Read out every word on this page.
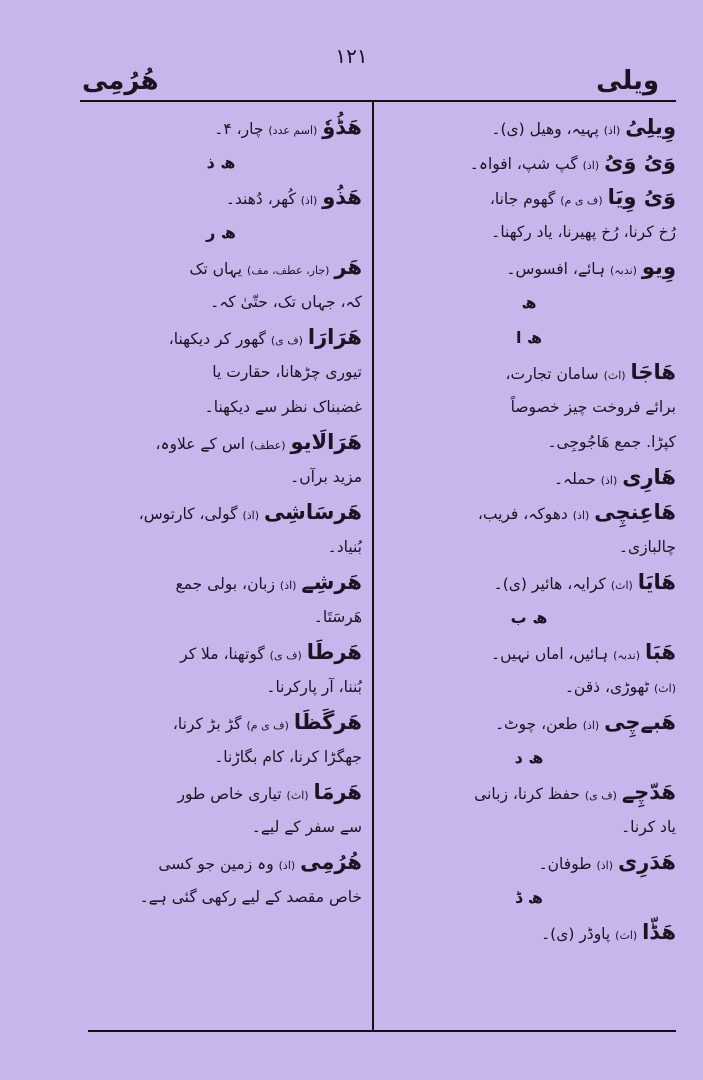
۱۲۱
ھُرُمِی	ویلی
وِیلِیُ (اذ) پہیہ، وھیل (ی)۔
وَیُ وَیُ (اذ) گپ شپ، افواہ۔
وَیُ وِیَا (ف ی م) گھوم جانا،
رُخ کرنا، رُخ پھیرنا، یاد رکھنا۔
وِیو (ندبہ) ہائے، افسوس۔
ھ
ھ ا
ھَاجَا (اث) سامان تجارت،
برائے فروخت چیز خصوصاً
کپڑا. جمع ھَاجُوجِی۔
ھَارِی (اذ) حملہ۔
ھَاعِنچِی (اذ) دھوکہ، فریب،
چالبازی۔
ھَایَا (اث) کرایہ، ھائیر (ی)۔
ھ ب
ھَبَا (ندبہ) ہائیں، اماں نہیں۔
(اث) ٹھوڑی، ذقن۔
ھَبےچِی (اذ) طعن، چوٹ۔
ھ د
ھَدّچِے (ف ی) حفظ کرنا، زبانی
یاد کرنا۔
ھَدَرِی (اذ) طوفان۔
ھ ڈ
ھَڈّا (اث) پاوڈر (ی)۔
ھَڈُوٗ (اسم عدد) چار، ۴۔
ھ ذ
ھَذُو (اذ) کُھر، دُھند۔
ھ ر
ھَر (جار، عطف، مف) یہاں تک
کہ، جہاں تک، حتّیٰ کہ۔
ھَرَارَا (ف ی) گھور کر دیکھنا،
تیوری چڑھانا، حقارت یا
غضبناک نظر سے دیکھنا۔
ھَرَالَایو (عطف) اس کے علاوہ،
مزید برآں۔
ھَرسَاشِی (اذ) گولی، کارتوس،
بُنیاد۔
ھَرشِے (اذ) زبان، بولی جمع
ھَرسَتَا۔
ھَرطَا (ف ی) گوتھنا، ملا کر
بُننا، آر پارکرنا۔
ھَرگَظَا (ف ی م) گڑ بڑ کرنا،
جھگڑا کرنا، کام بگاڑنا۔
ھَرمَا (اث) تیاری خاص طور
سے سفر کے لیے۔
ھُرُمِی (اذ) وہ زمین جو کسی
خاص مقصد کے لیے رکھی گئی ہے۔
